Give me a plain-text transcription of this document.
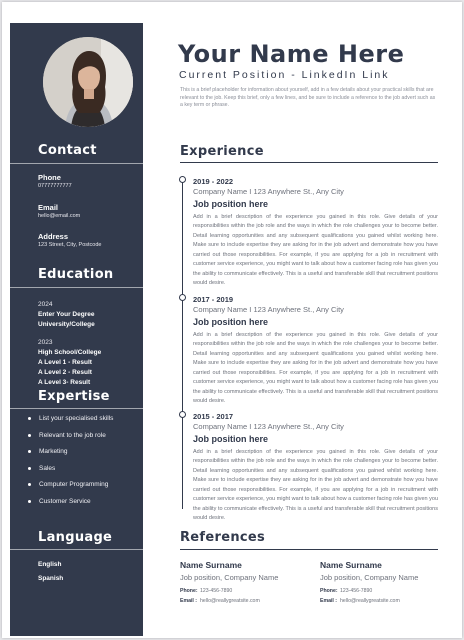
Contact
Phone
07777777777
Email
hello@email.com
Address
123 Street, City, Postcode
Education
2024
Enter Your Degree
University/College
2023
High School/College
A Level 1 - Result
A Level 2 - Result
A Level 3- Result
Expertise
Language
English
Spanish
List your specialised skills
Relevant to the job role
Marketing
Sales
Computer Programming
Customer Service
Your Name Here
Current Position - LinkedIn Link
This is a brief placeholder for information about yourself, add in a few details about your practical skills that are relevant to the job. Keep this brief, only a few lines, and be sure to include a reference to the job advert such as a key term or phrase.
Experience
2019 - 2022
Company Name I 123 Anywhere St., Any City
Job position here
Add in a brief description of the experience you gained in this role. Give details of your responsibilities within the job role and the ways in which the role challenges your to become better. Detail learning opportunities and any subsequent qualifications you gained whilst working here. Make sure to include expertise they are asking for in the job advert and demonstrate how you have carried out those responsibilities. For example, if you are applying for a job in recruitment with customer service experience, you might want to talk about how a customer facing role has given you the ability to communicate effectively. This is a useful and transferable skill that recruitment positions would desire.
2017 - 2019
Company Name I 123 Anywhere St., Any City
Job position here
Add in a brief description of the experience you gained in this role. Give details of your responsibilities within the job role and the ways in which the role challenges your to become better. Detail learning opportunities and any subsequent qualifications you gained whilst working here. Make sure to include expertise they are asking for in the job advert and demonstrate how you have carried out those responsibilities. For example, if you are applying for a job in recruitment with customer service experience, you might want to talk about how a customer facing role has given you the ability to communicate effectively. This is a useful and transferable skill that recruitment positions would desire.
2015 - 2017
Company Name I 123 Anywhere St., Any City
Job position here
Add in a brief description of the experience you gained in this role. Give details of your responsibilities within the job role and the ways in which the role challenges your to become better. Detail learning opportunities and any subsequent qualifications you gained whilst working here. Make sure to include expertise they are asking for in the job advert and demonstrate how you have carried out those responsibilities. For example, if you are applying for a job in recruitment with customer service experience, you might want to talk about how a customer facing role has given you the ability to communicate effectively. This is a useful and transferable skill that recruitment positions would desire.
References
Name Surname
Job position, Company Name
Phone: 123-456-7890
Email : hello@reallygreatsite.com
Name Surname
Job position, Company Name
Phone: 123-456-7890
Email : hello@reallygreatsite.com
